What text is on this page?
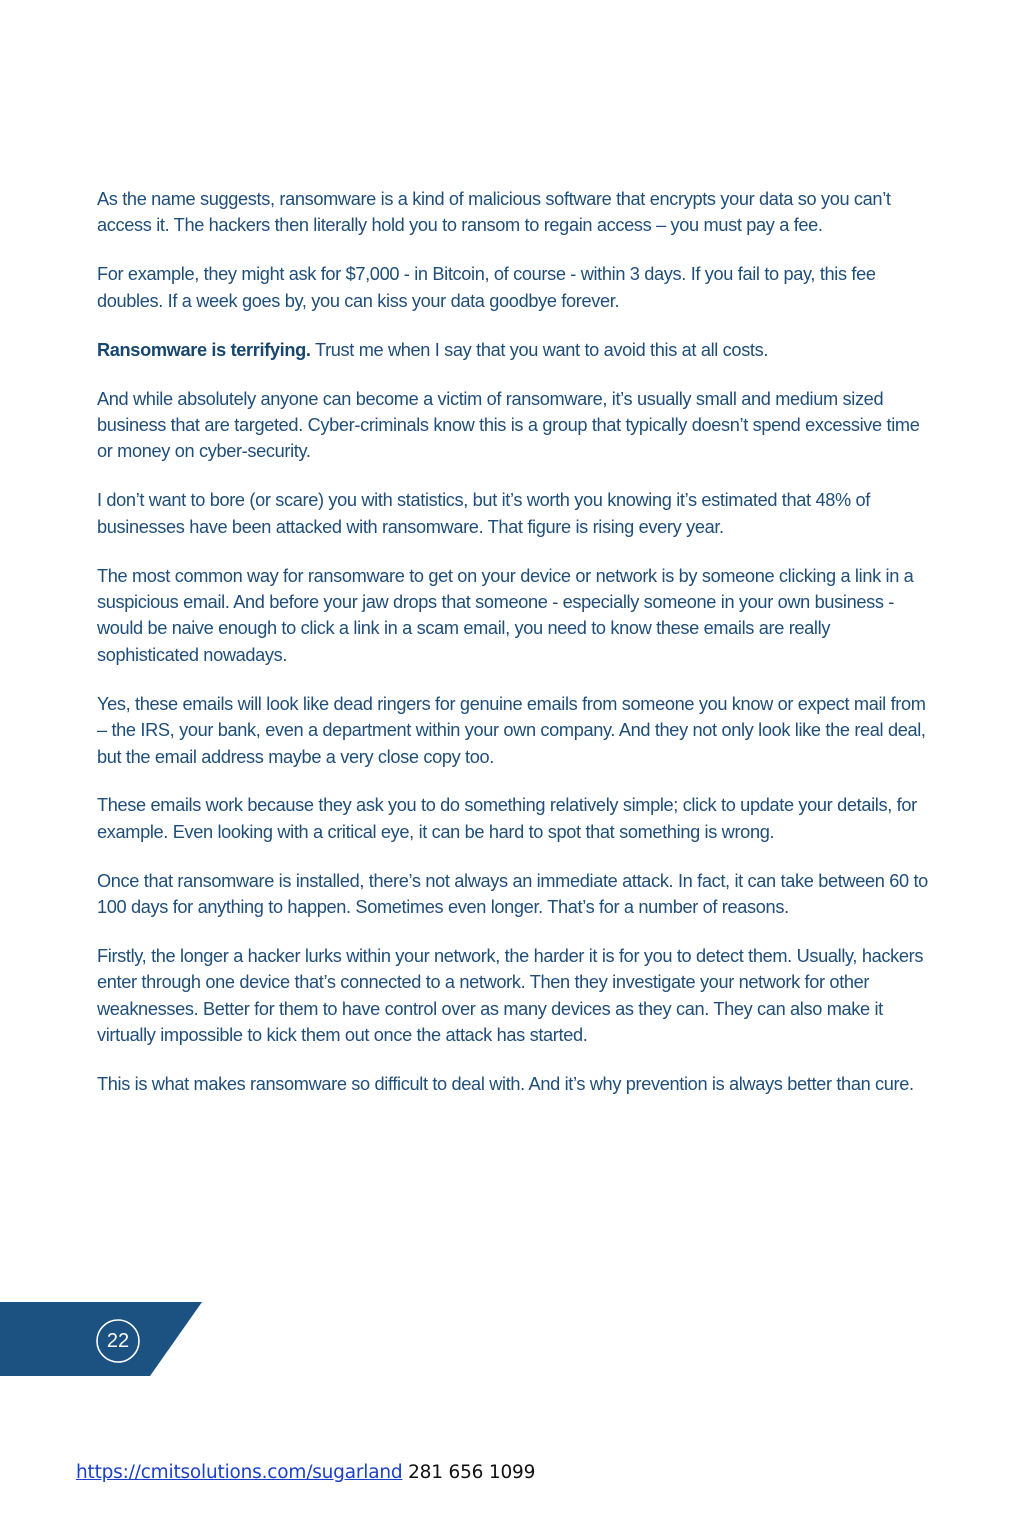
As the name suggests, ransomware is a kind of malicious software that encrypts your data so you can’t access it. The hackers then literally hold you to ransom to regain access – you must pay a fee.

For example, they might ask for $7,000 - in Bitcoin, of course - within 3 days. If you fail to pay, this fee doubles. If a week goes by, you can kiss your data goodbye forever.

Ransomware is terrifying. Trust me when I say that you want to avoid this at all costs.

And while absolutely anyone can become a victim of ransomware, it’s usually small and medium sized business that are targeted. Cyber-criminals know this is a group that typically doesn’t spend excessive time or money on cyber-security.

I don’t want to bore (or scare) you with statistics, but it’s worth you knowing it’s estimated that 48% of businesses have been attacked with ransomware. That figure is rising every year.

The most common way for ransomware to get on your device or network is by someone clicking a link in a suspicious email. And before your jaw drops that someone - especially someone in your own business - would be naive enough to click a link in a scam email, you need to know these emails are really sophisticated nowadays.

Yes, these emails will look like dead ringers for genuine emails from someone you know or expect mail from – the IRS, your bank, even a department within your own company. And they not only look like the real deal, but the email address maybe a very close copy too.

These emails work because they ask you to do something relatively simple; click to update your details, for example. Even looking with a critical eye, it can be hard to spot that something is wrong.

Once that ransomware is installed, there’s not always an immediate attack. In fact, it can take between 60 to 100 days for anything to happen. Sometimes even longer. That’s for a number of reasons.

Firstly, the longer a hacker lurks within your network, the harder it is for you to detect them. Usually, hackers enter through one device that’s connected to a network. Then they investigate your network for other weaknesses. Better for them to have control over as many devices as they can. They can also make it virtually impossible to kick them out once the attack has started.

This is what makes ransomware so difficult to deal with. And it’s why prevention is always better than cure.

22
https://cmitsolutions.com/sugarland 281 656 1099
